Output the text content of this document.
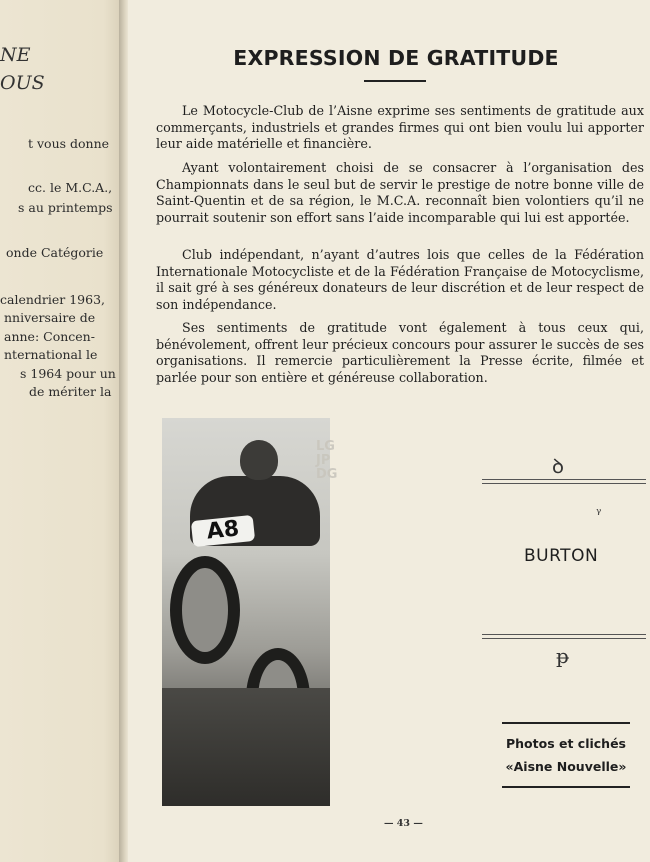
NE
OUS
t vous donne
cc. le M.C.A.,
s au printemps
onde Catégorie
calendrier 1963,
nniversaire de
anne: Concen-
nternational le
s 1964 pour un
de mériter la
EXPRESSION DE GRATITUDE

Le Motocycle-Club de l’Aisne exprime ses sentiments de gratitude aux commerçants, industriels et grandes firmes qui ont bien voulu lui apporter leur aide matérielle et financière.

Ayant volontairement choisi de se consacrer à l’organisation des Championnats dans le seul but de servir le prestige de notre bonne ville de Saint-Quentin et de sa région, le M.C.A. reconnaît bien volontiers qu’il ne pourrait soutenir son effort sans l’aide incomparable qui lui est apportée.

Club indépendant, n’ayant d’autres lois que celles de la Fédération Internationale Motocycliste et de la Fédération Française de Motocyclisme, il sait gré à ses généreux donateurs de leur discrétion et de leur respect de son indépendance.

Ses sentiments de gratitude vont également à tous ceux qui, bénévolement, offrent leur précieux concours pour assurer le succès de ses organisations. Il remercie particulièrement la Presse écrite, filmée et parlée pour son entière et généreuse collaboration.

A8
LG
JP
DG	ꝺ
ᵞ
BURTON
ᵽ
Photos et clichés
«Aisne Nouvelle»
— 43 —
